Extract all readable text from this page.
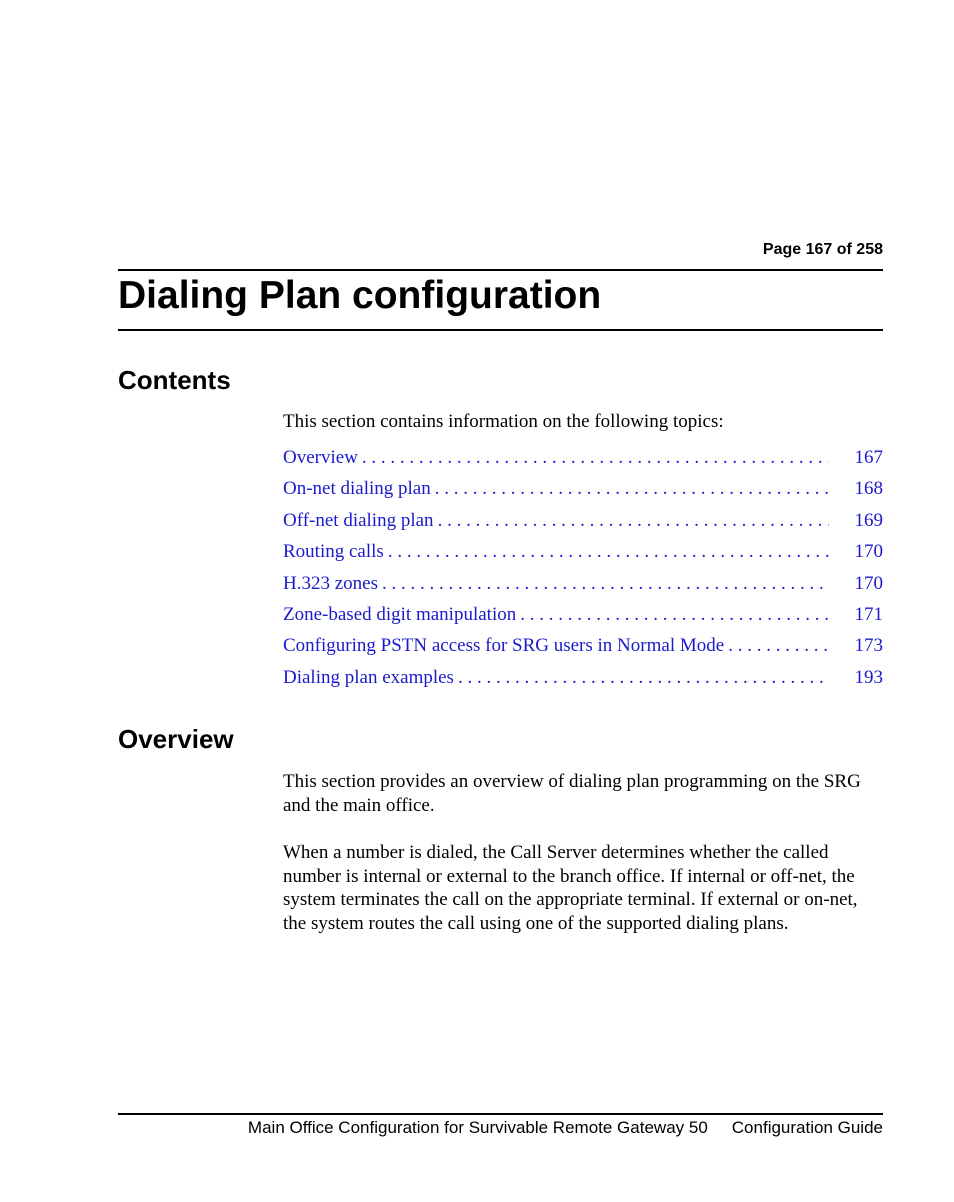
Page 167 of 258
Dialing Plan configuration
Contents

This section contains information on the following topics:

Overview . . .	167
On-net dialing plan . . .	168
Off-net dialing plan . . .	169
Routing calls . . .	170
H.323 zones . . .	170
Zone-based digit manipulation . . .	171
Configuring PSTN access for SRG users in Normal Mode . . .	173
Dialing plan examples . . .	193
Overview

This section provides an overview of dialing plan programming on the SRG and the main office.

When a number is dialed, the Call Server determines whether the called number is internal or external to the branch office. If internal or off-net, the system terminates the call on the appropriate terminal. If external or on-net, the system routes the call using one of the supported dialing plans.

Main Office Configuration for Survivable Remote Gateway 50 Configuration Guide
